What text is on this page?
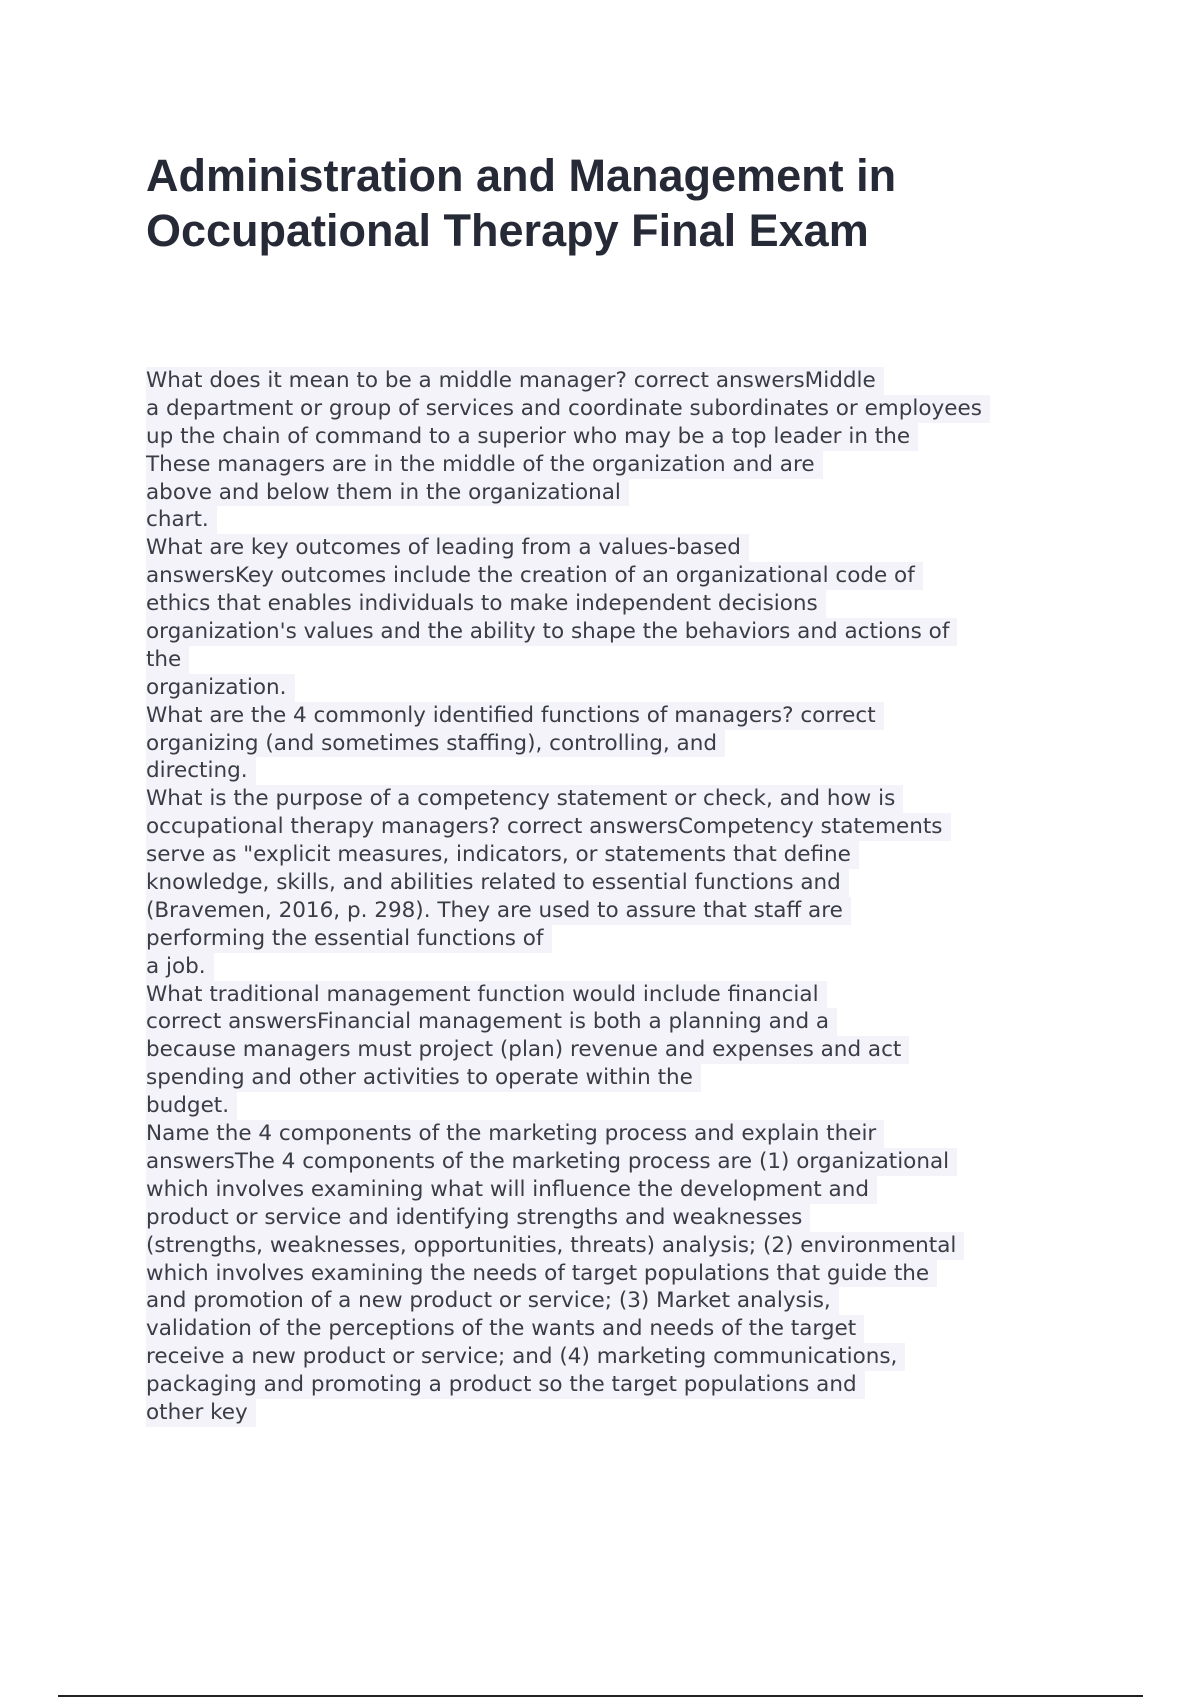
Administration and Management in
Occupational Therapy Final Exam
What does it mean to be a middle manager? correct answersMiddle
a department or group of services and coordinate subordinates or employees
up the chain of command to a superior who may be a top leader in the
These managers are in the middle of the organization and are
above and below them in the organizational
chart.
What are key outcomes of leading from a values-based
answersKey outcomes include the creation of an organizational code of
ethics that enables individuals to make independent decisions
organization's values and the ability to shape the behaviors and actions of
the
organization.
What are the 4 commonly identified functions of managers? correct
organizing (and sometimes staffing), controlling, and
directing.
What is the purpose of a competency statement or check, and how is
occupational therapy managers? correct answersCompetency statements
serve as "explicit measures, indicators, or statements that define
knowledge, skills, and abilities related to essential functions and
(Bravemen, 2016, p. 298). They are used to assure that staff are
performing the essential functions of
a job.
What traditional management function would include financial
correct answersFinancial management is both a planning and a
because managers must project (plan) revenue and expenses and act
spending and other activities to operate within the
budget.
Name the 4 components of the marketing process and explain their
answersThe 4 components of the marketing process are (1) organizational
which involves examining what will influence the development and
product or service and identifying strengths and weaknesses
(strengths, weaknesses, opportunities, threats) analysis; (2) environmental
which involves examining the needs of target populations that guide the
and promotion of a new product or service; (3) Market analysis,
validation of the perceptions of the wants and needs of the target
receive a new product or service; and (4) marketing communications,
packaging and promoting a product so the target populations and
other key
